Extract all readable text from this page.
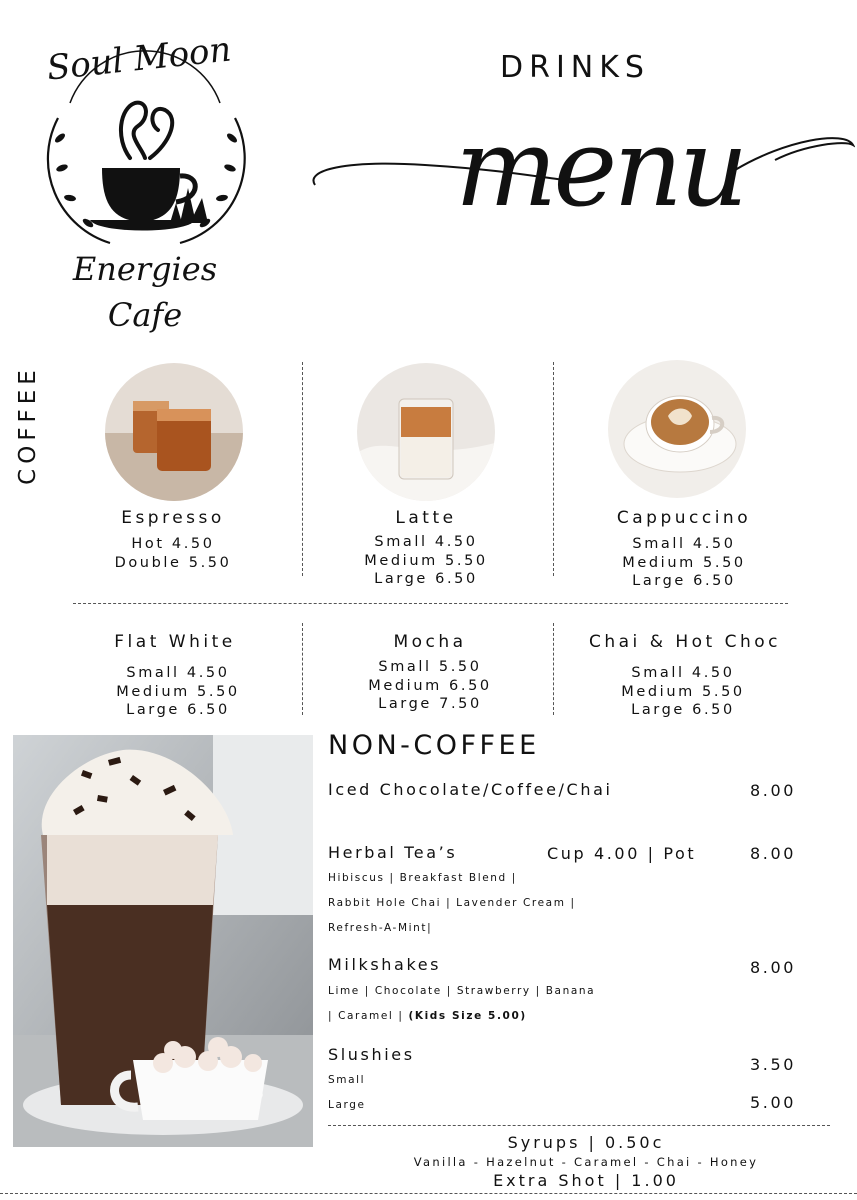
Soul Moon
Energies
Cafe
DRINKS
menu
COFFEE
Espresso
Hot 4.50
Double 5.50
Latte
Small 4.50
Medium 5.50
Large 6.50
Cappuccino
Small 4.50
Medium 5.50
Large 6.50
Flat White
Small 4.50
Medium 5.50
Large 6.50
Mocha
Small 5.50
Medium 6.50
Large 7.50
Chai & Hot Choc
Small 4.50
Medium 5.50
Large 6.50
NON-COFFEE
Iced Chocolate/Coffee/Chai	8.00
Herbal Tea’s	Cup 4.00 | Pot	8.00
Hibiscus | Breakfast Blend |
Rabbit Hole Chai | Lavender Cream |
Refresh-A-Mint|
Milkshakes	8.00
Lime | Chocolate | Strawberry | Banana
| Caramel | (Kids Size 5.00)
Slushies
Small
3.50
Large	5.00
Syrups | 0.50c
Vanilla - Hazelnut - Caramel - Chai - Honey
Extra Shot | 1.00
